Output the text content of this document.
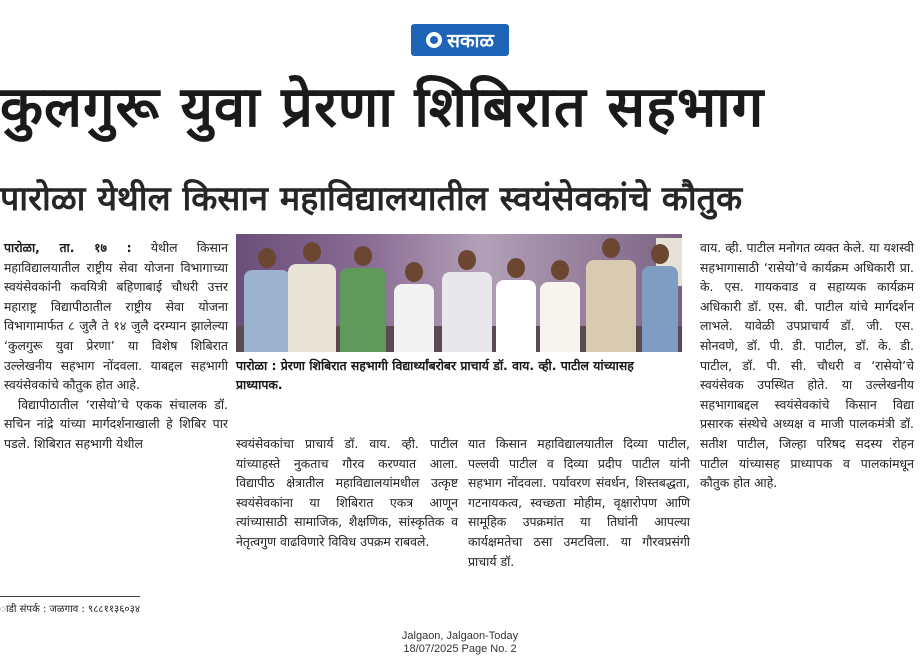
सकाळ
कुलगुरू युवा प्रेरणा शिबिरात सहभाग
पारोळा येथील किसान महाविद्यालयातील स्वयंसेवकांचे कौतुक

पारोळा, ता. १७ : येथील किसान महाविद्यालयातील राष्ट्रीय सेवा योजना विभागाच्या स्वयंसेवकांनी कवयित्री बहिणाबाई चौधरी उत्तर महाराष्ट्र विद्यापीठातील राष्ट्रीय सेवा योजना विभागामार्फत ८ जुलै ते १४ जुलै दरम्यान झालेल्या ‘कुलगुरू युवा प्रेरणा’ या विशेष शिबिरात उल्लेखनीय सहभाग नोंदवला. याबद्दल सहभागी स्वयंसेवकांचे कौतुक होत आहे.

विद्यापीठातील ‘रासेयो’चे एकक संचालक डॉ. सचिन नांद्रे यांच्या मार्गदर्शनाखाली हे शिबिर पार पडले. शिबिरात सहभागी येथील

पारोळा : प्रेरणा शिबिरात सहभागी विद्यार्थ्यांबरोबर प्राचार्य डॉ. वाय. व्ही. पाटील यांच्यासह प्राध्यापक.

स्वयंसेवकांचा प्राचार्य डॉ. वाय. व्ही. पाटील यांच्याहस्ते नुकताच गौरव करण्यात आला. विद्यापीठ क्षेत्रातील महाविद्यालयांमधील उत्कृष्ट स्वयंसेवकांना या शिबिरात एकत्र आणून त्यांच्यासाठी सामाजिक, शैक्षणिक, सांस्कृतिक व नेतृत्वगुण वाढविणारे विविध उपक्रम राबवले.

यात किसान महाविद्यालयातील दिव्या पाटील, पल्लवी पाटील व दिव्या प्रदीप पाटील यांनी सहभाग नोंदवला. पर्यावरण संवर्धन, शिस्तबद्धता, गटनायकत्व, स्वच्छता मोहीम, वृक्षारोपण आणि सामूहिक उपक्रमांत या तिघांनी आपल्या कार्यक्षमतेचा ठसा उमटविला. या गौरवप्रसंगी प्राचार्य डॉ.

वाय. व्ही. पाटील मनोगत व्यक्त केले. या यशस्वी सहभागासाठी ‘रासेयो’चे कार्यक्रम अधिकारी प्रा. के. एस. गायकवाड व सहाय्यक कार्यक्रम अधिकारी डॉ. एस. बी. पाटील यांचे मार्गदर्शन लाभले. यावेळी उपप्राचार्य डॉ. जी. एस. सोनवणे, डॉ. पी. डी. पाटील, डॉ. के. डी. पाटील, डॉ. पी. सी. चौधरी व ‘रासेयो’चे स्वयंसेवक उपस्थित होते. या उल्लेखनीय सहभागाबद्दल स्वयंसेवकांचे किसान विद्या प्रसारक संस्थेचे अध्यक्ष व माजी पालकमंत्री डॉ. सतीश पाटील, जिल्हा परिषद सदस्य रोहन पाटील यांच्यासह प्राध्यापक व पालकांमधून कौतुक होत आहे.

ाडी संपर्क : जळगाव : ९८८११३६०३४
Jalgaon, Jalgaon-Today
18/07/2025 Page No. 2
